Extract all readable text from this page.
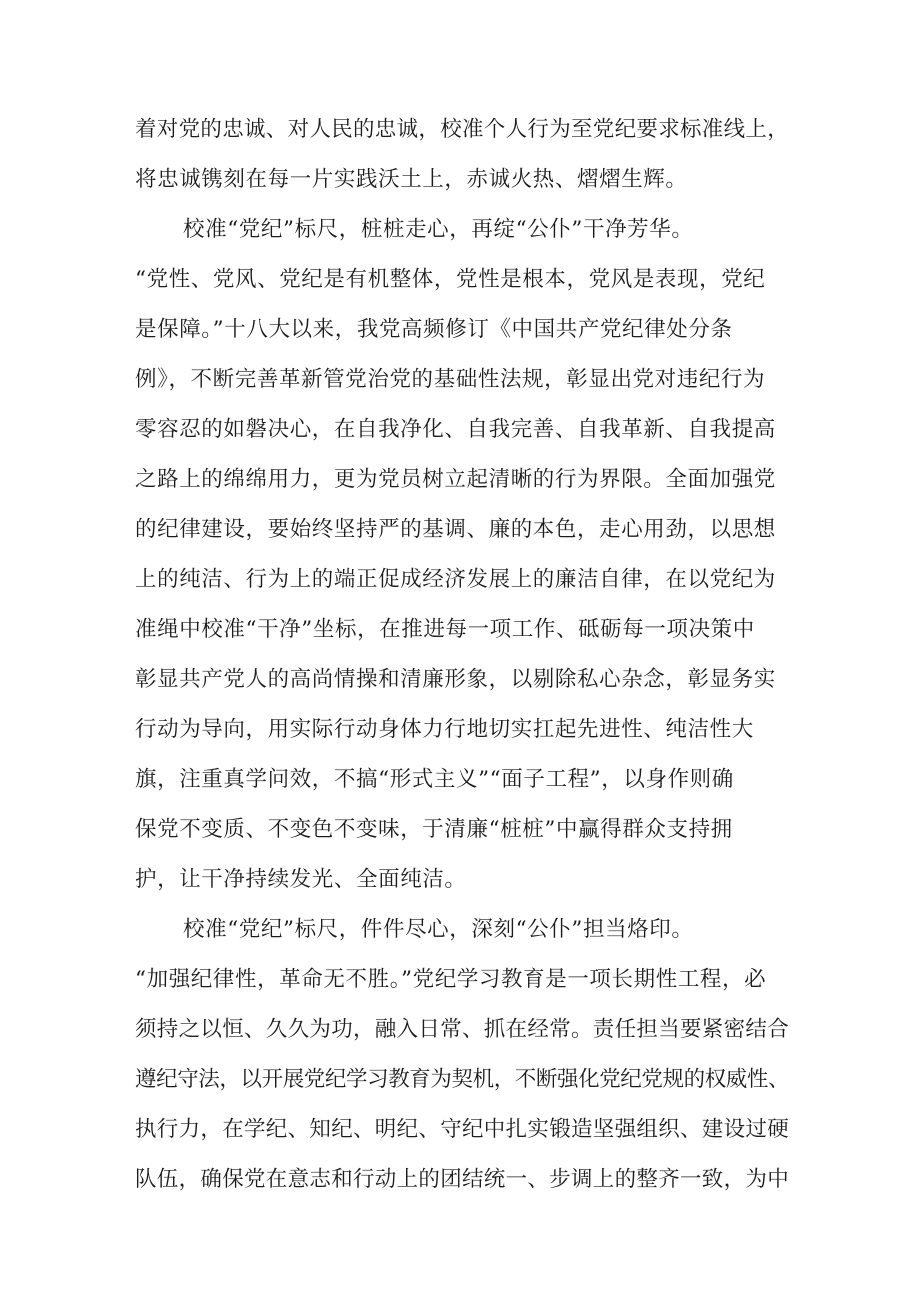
着对党的忠诚、对人民的忠诚，校准个人行为至党纪要求标准线上，
将忠诚镌刻在每一片实践沃土上，赤诚火热、熠熠生辉。
校准“党纪”标尺，桩桩走心，再绽“公仆”干净芳华。
“党性、党风、党纪是有机整体，党性是根本，党风是表现，党纪
是保障。”十八大以来，我党高频修订《中国共产党纪律处分条
例》，不断完善革新管党治党的基础性法规，彰显出党对违纪行为
零容忍的如磐决心，在自我净化、自我完善、自我革新、自我提高
之路上的绵绵用力，更为党员树立起清晰的行为界限。全面加强党
的纪律建设，要始终坚持严的基调、廉的本色，走心用劲，以思想
上的纯洁、行为上的端正促成经济发展上的廉洁自律，在以党纪为
准绳中校准“干净”坐标，在推进每一项工作、砥砺每一项决策中
彰显共产党人的高尚情操和清廉形象，以剔除私心杂念，彰显务实
行动为导向，用实际行动身体力行地切实扛起先进性、纯洁性大
旗，注重真学问效，不搞“形式主义”“面子工程”，以身作则确
保党不变质、不变色不变味，于清廉“桩桩”中赢得群众支持拥
护，让干净持续发光、全面纯洁。
校准“党纪”标尺，件件尽心，深刻“公仆”担当烙印。
“加强纪律性，革命无不胜。”党纪学习教育是一项长期性工程，必
须持之以恒、久久为功，融入日常、抓在经常。责任担当要紧密结合
遵纪守法，以开展党纪学习教育为契机，不断强化党纪党规的权威性、
执行力，在学纪、知纪、明纪、守纪中扎实锻造坚强组织、建设过硬
队伍，确保党在意志和行动上的团结统一、步调上的整齐一致，为中
